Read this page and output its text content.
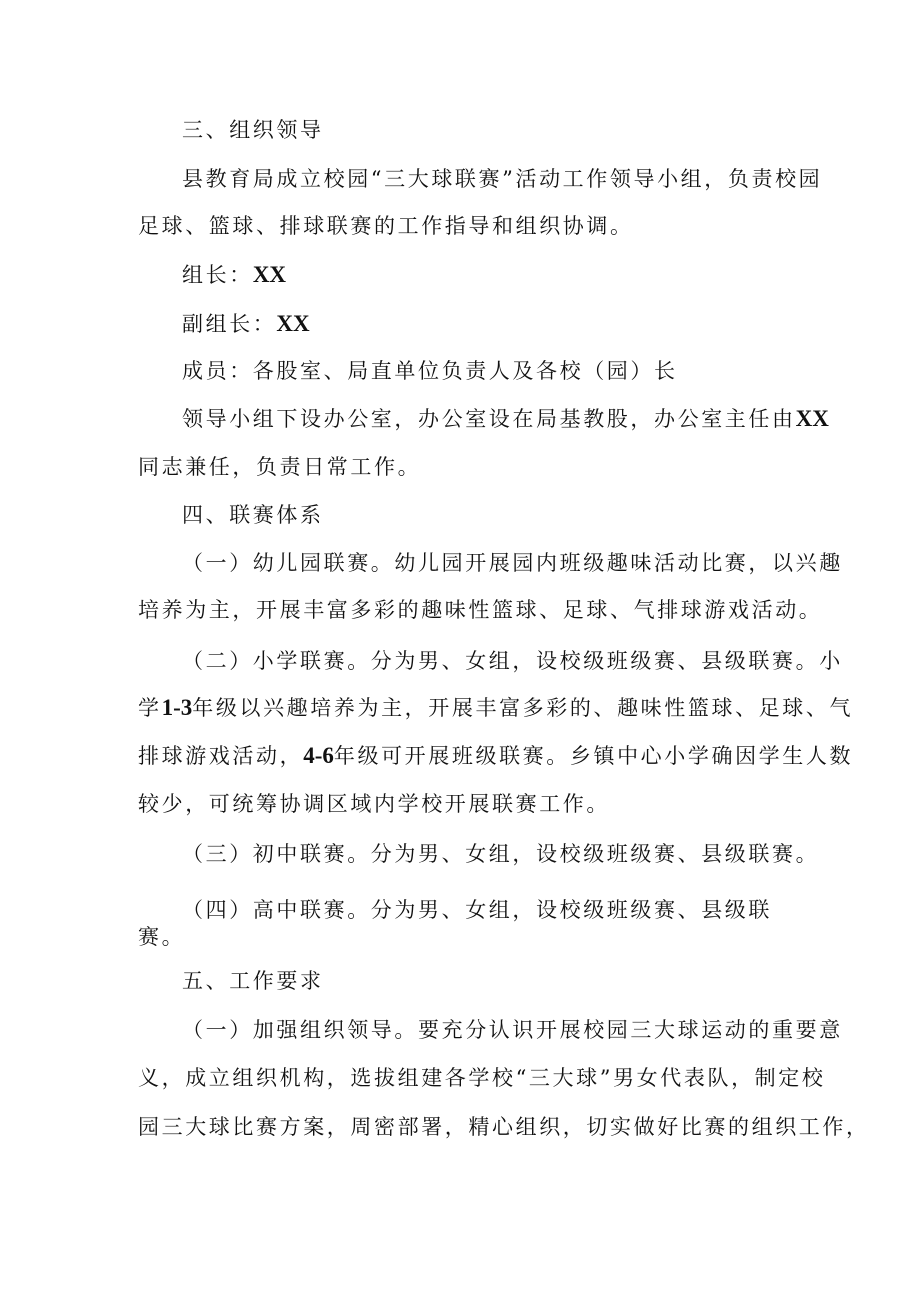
三、组织领导
县教育局成立校园“三大球联赛”活动工作领导小组，负责校园
足球、篮球、排球联赛的工作指导和组织协调。
组长：XX
副组长：XX
成员：各股室、局直单位负责人及各校（园）长
领导小组下设办公室，办公室设在局基教股，办公室主任由XX
同志兼任，负责日常工作。
四、联赛体系
（一）幼儿园联赛。幼儿园开展园内班级趣味活动比赛，以兴趣
培养为主，开展丰富多彩的趣味性篮球、足球、气排球游戏活动。
（二）小学联赛。分为男、女组，设校级班级赛、县级联赛。小
学1-3年级以兴趣培养为主，开展丰富多彩的、趣味性篮球、足球、气
排球游戏活动，4-6年级可开展班级联赛。乡镇中心小学确因学生人数
较少，可统筹协调区域内学校开展联赛工作。
（三）初中联赛。分为男、女组，设校级班级赛、县级联赛。
（四）高中联赛。分为男、女组，设校级班级赛、县级联
赛。
五、工作要求
（一）加强组织领导。要充分认识开展校园三大球运动的重要意
义，成立组织机构，选拔组建各学校“三大球”男女代表队，制定校
园三大球比赛方案，周密部署，精心组织，切实做好比赛的组织工作，
